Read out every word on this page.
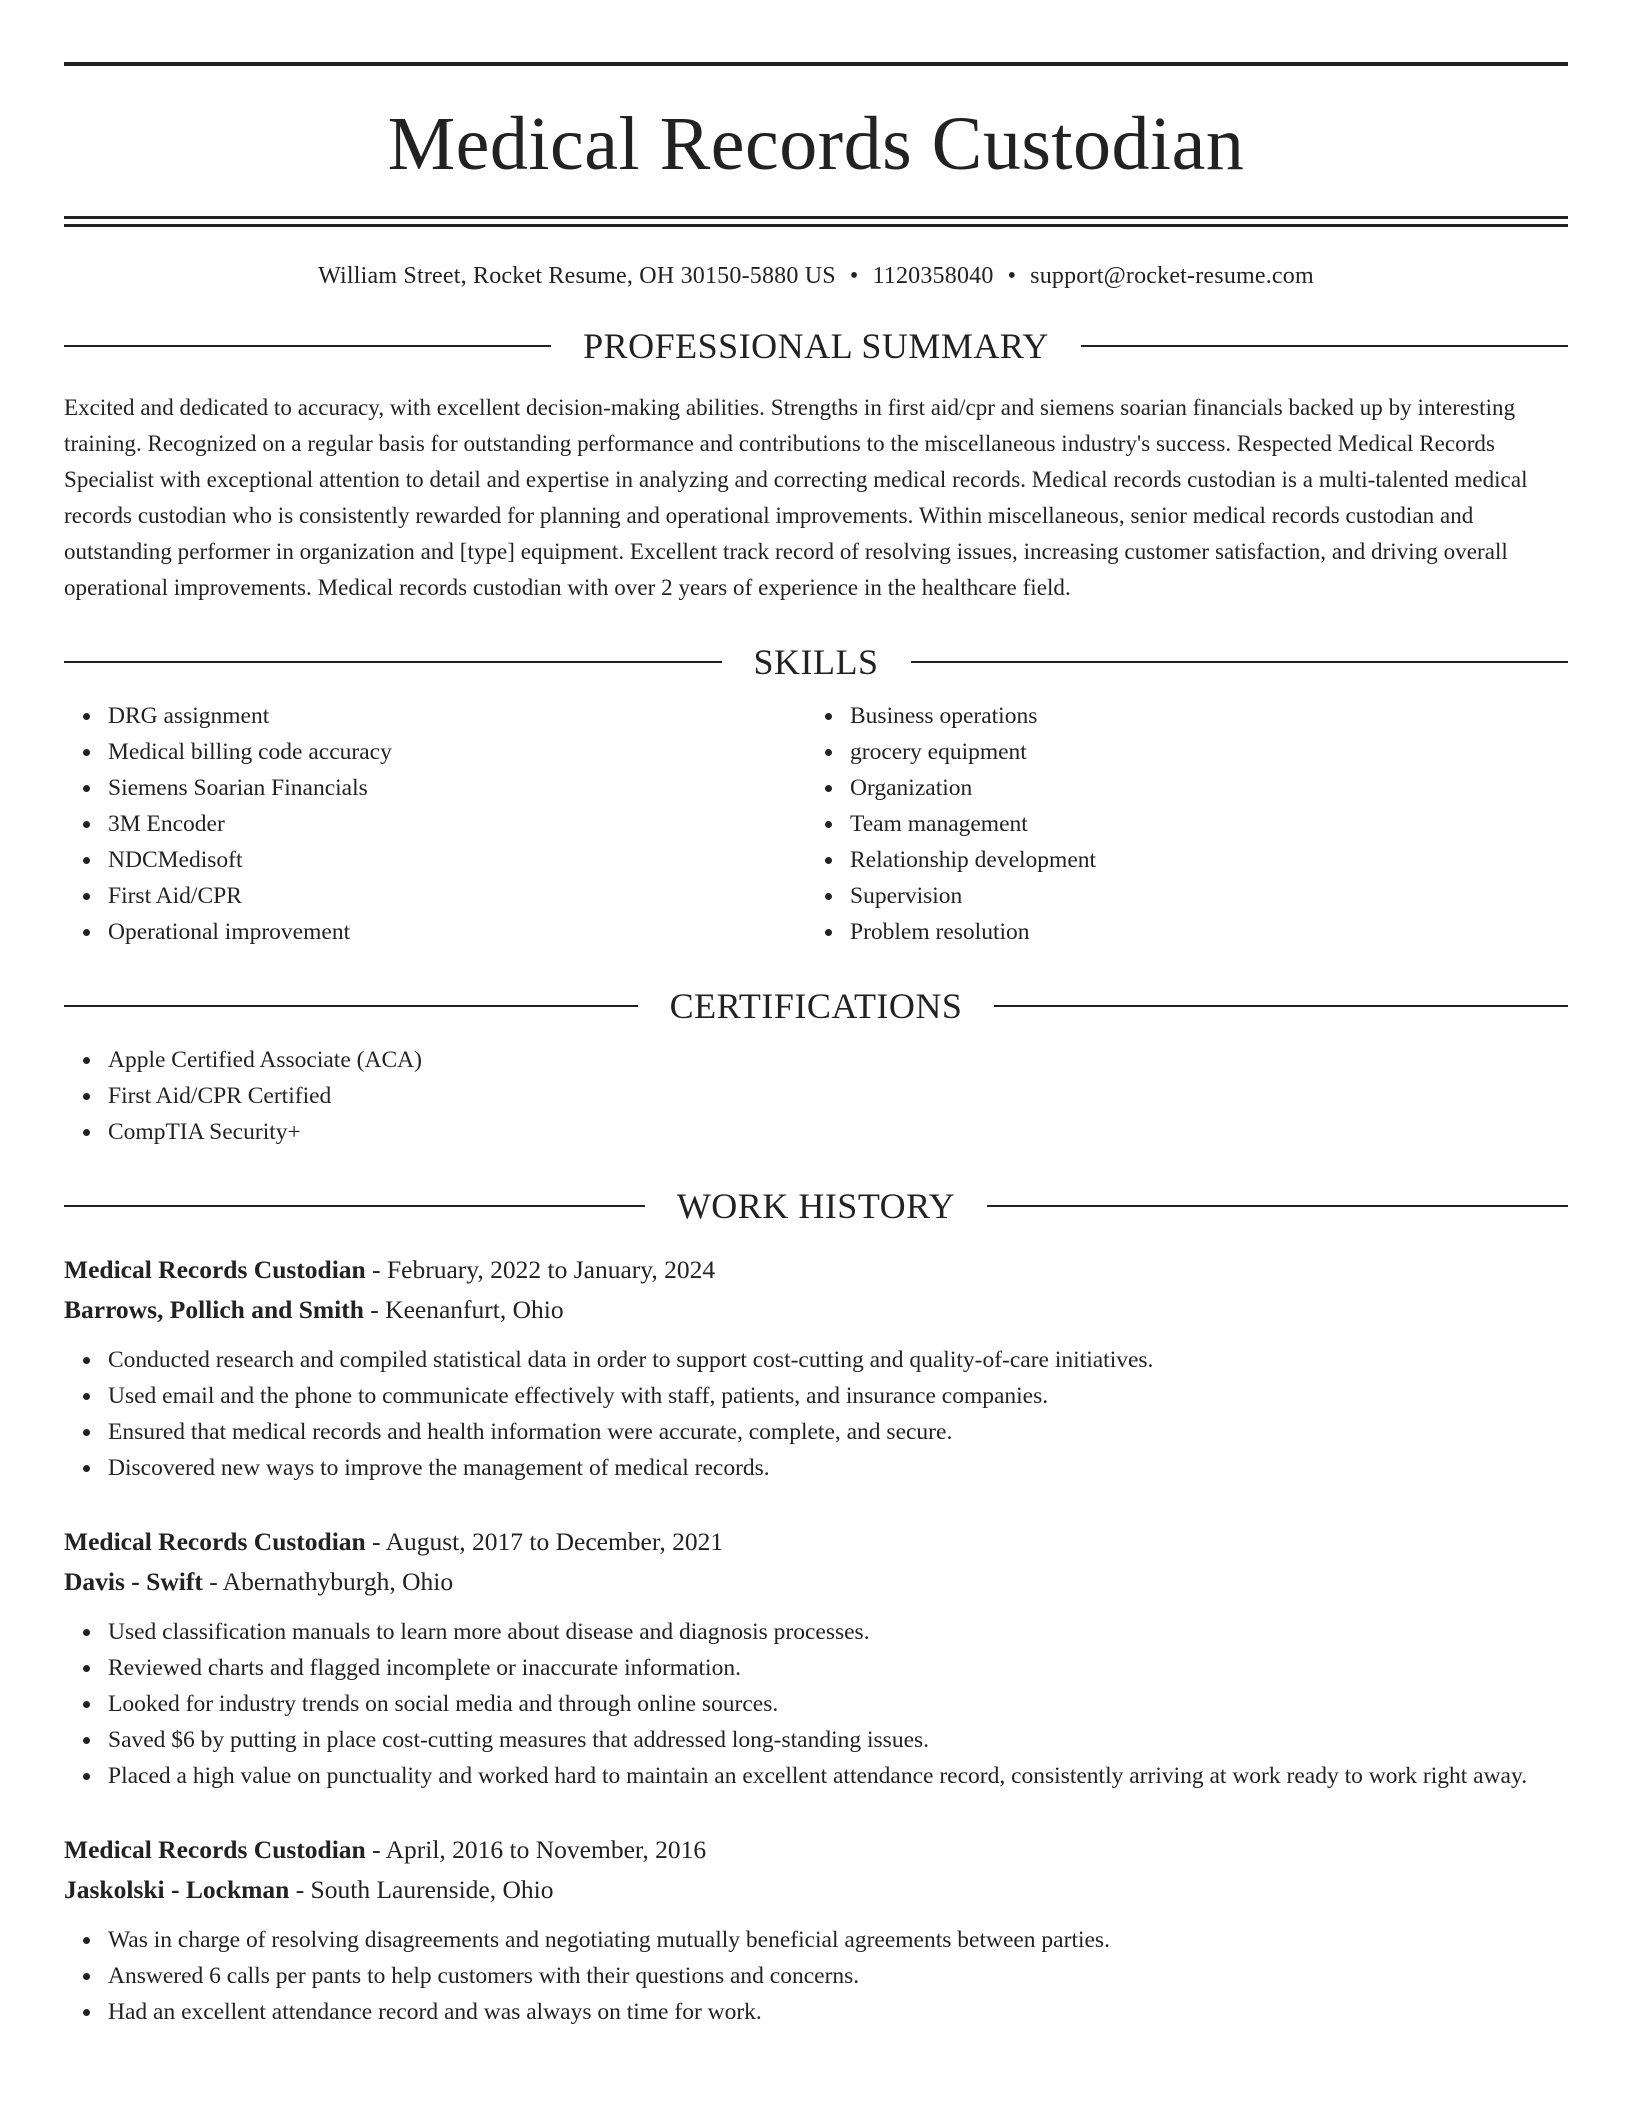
Medical Records Custodian
William Street, Rocket Resume, OH 30150-5880 US • 1120358040 • support@rocket-resume.com
PROFESSIONAL SUMMARY
Excited and dedicated to accuracy, with excellent decision-making abilities. Strengths in first aid/cpr and siemens soarian financials backed up by interesting training. Recognized on a regular basis for outstanding performance and contributions to the miscellaneous industry's success. Respected Medical Records Specialist with exceptional attention to detail and expertise in analyzing and correcting medical records. Medical records custodian is a multi-talented medical records custodian who is consistently rewarded for planning and operational improvements. Within miscellaneous, senior medical records custodian and outstanding performer in organization and [type] equipment. Excellent track record of resolving issues, increasing customer satisfaction, and driving overall operational improvements. Medical records custodian with over 2 years of experience in the healthcare field.
SKILLS
DRG assignment
Medical billing code accuracy
Siemens Soarian Financials
3M Encoder
NDCMedisoft
First Aid/CPR
Operational improvement
Business operations
grocery equipment
Organization
Team management
Relationship development
Supervision
Problem resolution
CERTIFICATIONS
Apple Certified Associate (ACA)
First Aid/CPR Certified
CompTIA Security+
WORK HISTORY
Medical Records Custodian - February, 2022 to January, 2024
Barrows, Pollich and Smith - Keenanfurt, Ohio
Conducted research and compiled statistical data in order to support cost-cutting and quality-of-care initiatives.
Used email and the phone to communicate effectively with staff, patients, and insurance companies.
Ensured that medical records and health information were accurate, complete, and secure.
Discovered new ways to improve the management of medical records.
Medical Records Custodian - August, 2017 to December, 2021
Davis - Swift - Abernathyburgh, Ohio
Used classification manuals to learn more about disease and diagnosis processes.
Reviewed charts and flagged incomplete or inaccurate information.
Looked for industry trends on social media and through online sources.
Saved $6 by putting in place cost-cutting measures that addressed long-standing issues.
Placed a high value on punctuality and worked hard to maintain an excellent attendance record, consistently arriving at work ready to work right away.
Medical Records Custodian - April, 2016 to November, 2016
Jaskolski - Lockman - South Laurenside, Ohio
Was in charge of resolving disagreements and negotiating mutually beneficial agreements between parties.
Answered 6 calls per pants to help customers with their questions and concerns.
Had an excellent attendance record and was always on time for work.
